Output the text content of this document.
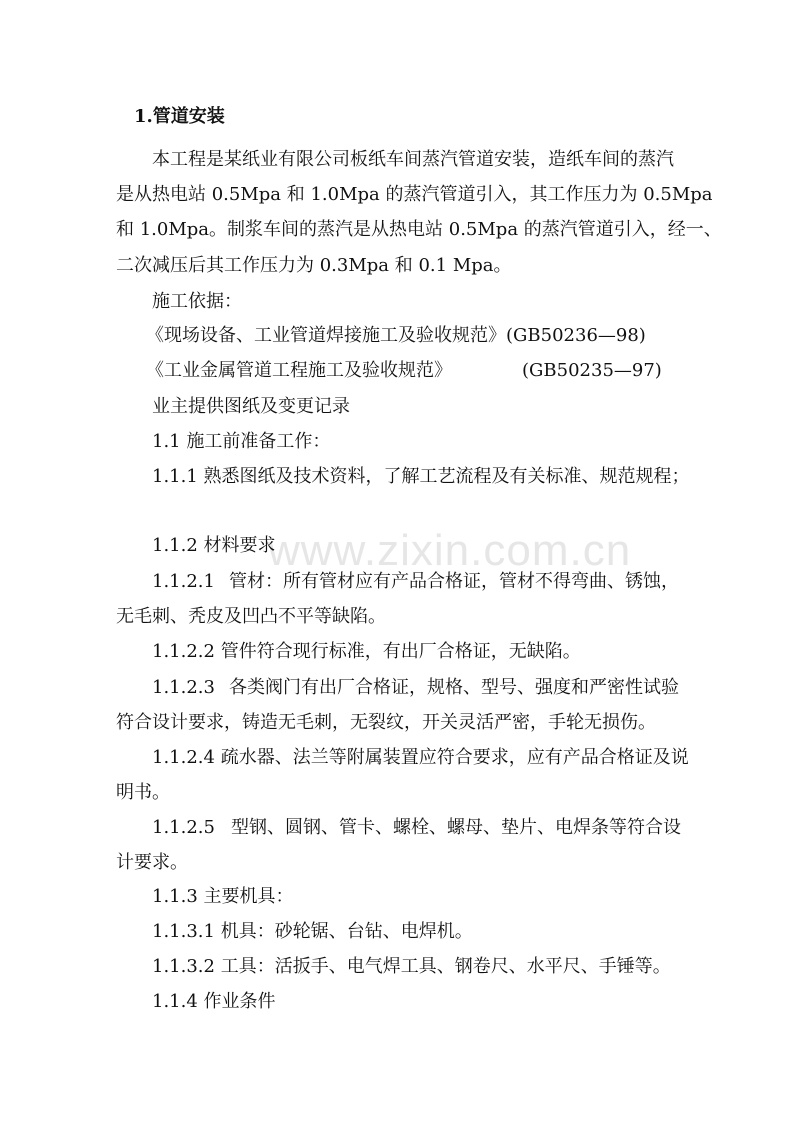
www.zixin.com.cn
1.管道安装
本工程是某纸业有限公司板纸车间蒸汽管道安装，造纸车间的蒸汽
是从热电站 0.5Mpa 和 1.0Mpa 的蒸汽管道引入，其工作压力为 0.5Mpa
和 1.0Mpa。制浆车间的蒸汽是从热电站 0.5Mpa 的蒸汽管道引入，经一、
二次减压后其工作压力为 0.3Mpa 和 0.1 Mpa。
施工依据：
《现场设备、工业管道焊接施工及验收规范》(GB50236—98)
《工业金属管道工程施工及验收规范》	(GB50235—97)
业主提供图纸及变更记录
1.1 施工前准备工作：
1.1.1 熟悉图纸及技术资料，了解工艺流程及有关标准、规范规程；
1.1.2 材料要求
1.1.2.1 管材：所有管材应有产品合格证，管材不得弯曲、锈蚀，
无毛刺、秃皮及凹凸不平等缺陷。
1.1.2.2 管件符合现行标准，有出厂合格证，无缺陷。
1.1.2.3 各类阀门有出厂合格证，规格、型号、强度和严密性试验
符合设计要求，铸造无毛刺，无裂纹，开关灵活严密，手轮无损伤。
1.1.2.4 疏水器、法兰等附属装置应符合要求，应有产品合格证及说
明书。
1.1.2.5 型钢、圆钢、管卡、螺栓、螺母、垫片、电焊条等符合设
计要求。
1.1.3 主要机具：
1.1.3.1 机具：砂轮锯、台钻、电焊机。
1.1.3.2 工具：活扳手、电气焊工具、钢卷尺、水平尺、手锤等。
1.1.4 作业条件
